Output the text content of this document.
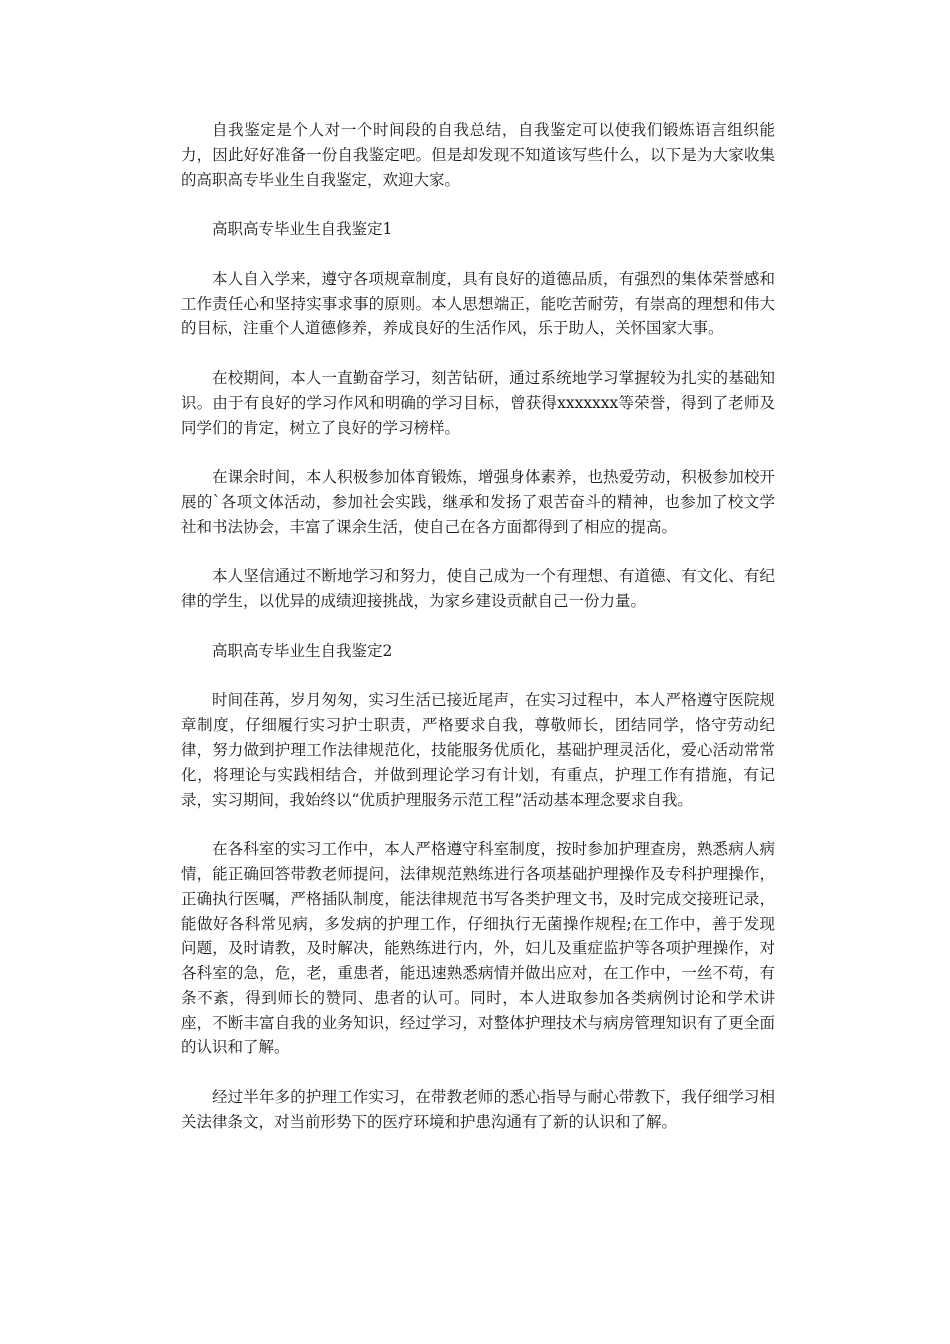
自我鉴定是个人对一个时间段的自我总结，自我鉴定可以使我们锻炼语言组织能力，因此好好准备一份自我鉴定吧。但是却发现不知道该写些什么，以下是为大家收集的高职高专毕业生自我鉴定，欢迎大家。

高职高专毕业生自我鉴定1

本人自入学来，遵守各项规章制度，具有良好的道德品质，有强烈的集体荣誉感和工作责任心和坚持实事求事的原则。本人思想端正，能吃苦耐劳，有崇高的理想和伟大的目标，注重个人道德修养，养成良好的生活作风，乐于助人，关怀国家大事。

在校期间，本人一直勤奋学习，刻苦钻研，通过系统地学习掌握较为扎实的基础知识。由于有良好的学习作风和明确的学习目标，曾获得xxxxxxx等荣誉，得到了老师及同学们的肯定，树立了良好的学习榜样。

在课余时间，本人积极参加体育锻炼，增强身体素养，也热爱劳动，积极参加校开展的`各项文体活动，参加社会实践，继承和发扬了艰苦奋斗的精神，也参加了校文学社和书法协会，丰富了课余生活，使自己在各方面都得到了相应的提高。

本人坚信通过不断地学习和努力，使自己成为一个有理想、有道德、有文化、有纪律的学生，以优异的成绩迎接挑战，为家乡建设贡献自己一份力量。

高职高专毕业生自我鉴定2

时间荏苒，岁月匆匆，实习生活已接近尾声，在实习过程中，本人严格遵守医院规章制度，仔细履行实习护士职责，严格要求自我，尊敬师长，团结同学，恪守劳动纪律，努力做到护理工作法律规范化，技能服务优质化，基础护理灵活化，爱心活动常常化，将理论与实践相结合，并做到理论学习有计划，有重点，护理工作有措施，有记录，实习期间，我始终以“优质护理服务示范工程”活动基本理念要求自我。

在各科室的实习工作中，本人严格遵守科室制度，按时参加护理查房，熟悉病人病情，能正确回答带教老师提问，法律规范熟练进行各项基础护理操作及专科护理操作，正确执行医嘱，严格插队制度，能法律规范书写各类护理文书，及时完成交接班记录，能做好各科常见病，多发病的护理工作，仔细执行无菌操作规程;在工作中，善于发现问题，及时请教，及时解决，能熟练进行内，外，妇儿及重症监护等各项护理操作，对各科室的急，危，老，重患者，能迅速熟悉病情并做出应对，在工作中，一丝不苟，有条不紊，得到师长的赞同、患者的认可。同时，本人进取参加各类病例讨论和学术讲座，不断丰富自我的业务知识，经过学习，对整体护理技术与病房管理知识有了更全面的认识和了解。

经过半年多的护理工作实习，在带教老师的悉心指导与耐心带教下，我仔细学习相关法律条文，对当前形势下的医疗环境和护患沟通有了新的认识和了解。
